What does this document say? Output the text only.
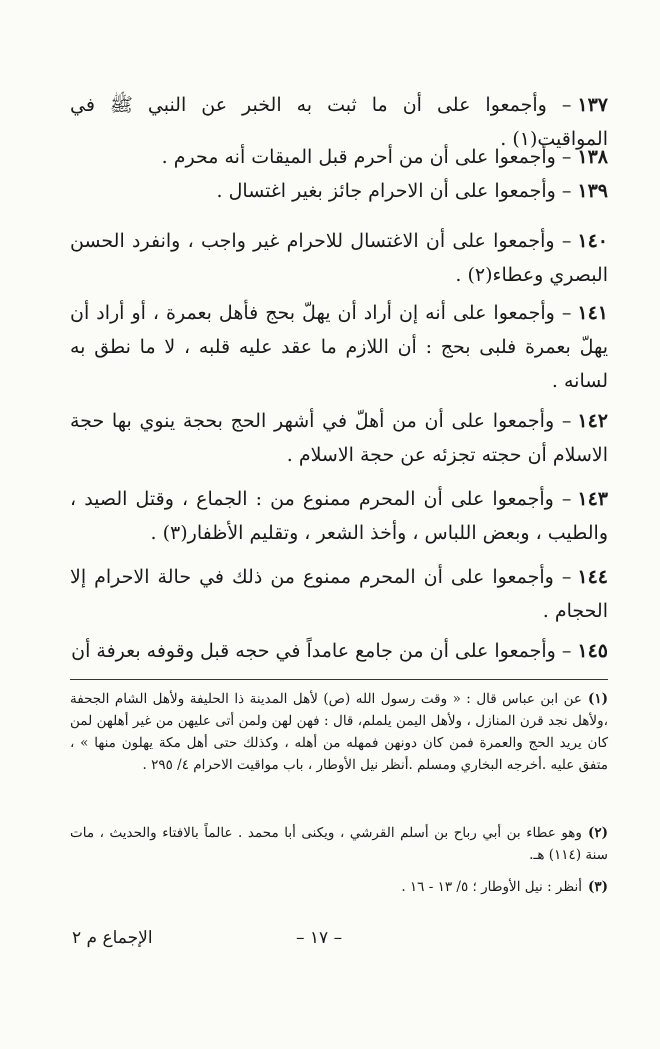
١٣٧– وأجمعوا على أن ما ثبت به الخبر عن النبي ﷺ في المواقيت(١) .
١٣٨– وأجمعوا على أن من أحرم قبل الميقات أنه محرم .
١٣٩– وأجمعوا على أن الاحرام جائز بغير اغتسال .
١٤٠– وأجمعوا على أن الاغتسال للاحرام غير واجب ، وانفرد الحسن البصري وعطاء(٢) .
١٤١– وأجمعوا على أنه إن أراد أن يهلّ بحج فأهل بعمرة ، أو أراد أن يهلّ بعمرة فلبى بحج : أن اللازم ما عقد عليه قلبه ، لا ما نطق به لسانه .
١٤٢– وأجمعوا على أن من أهلّ في أشهر الحج بحجة ينوي بها حجة الاسلام أن حجته تجزئه عن حجة الاسلام .
١٤٣– وأجمعوا على أن المحرم ممنوع من : الجماع ، وقتل الصيد ، والطيب ، وبعض اللباس ، وأخذ الشعر ، وتقليم الأظفار(٣) .
١٤٤– وأجمعوا على أن المحرم ممنوع من ذلك في حالة الاحرام إلا الحجام .
١٤٥– وأجمعوا على أن من جامع عامداً في حجه قبل وقوفه بعرفة أن
(١)عن ابن عباس قال : « وقت رسول الله (ص) لأهل المدينة ذا الحليفة ولأهل الشام الجحفة ،ولأهل نجد قرن المنازل ، ولأهل اليمن يلملم، قال : فهن لهن ولمن أتى عليهن من غير أهلهن لمن كان يريد الحج والعمرة فمن كان دونهن فمهله من أهله ، وكذلك حتى أهل مكة يهلون منها » ، متفق عليه .أخرجه البخاري ومسلم .أنظر نيل الأوطار ، باب مواقيت الاحرام ٤/ ٢٩٥ .
(٢)وهو عطاء بن أبي رباح بن أسلم القرشي ، ويكنى أبا محمد . عالماً بالافتاء والحديث ، مات سنة (١١٤) هـ.
(٣)أنظر : نيل الأوطار ؛ ٥/ ١٣ - ١٦ .
– ١٧ –
الإجماع م ٢
